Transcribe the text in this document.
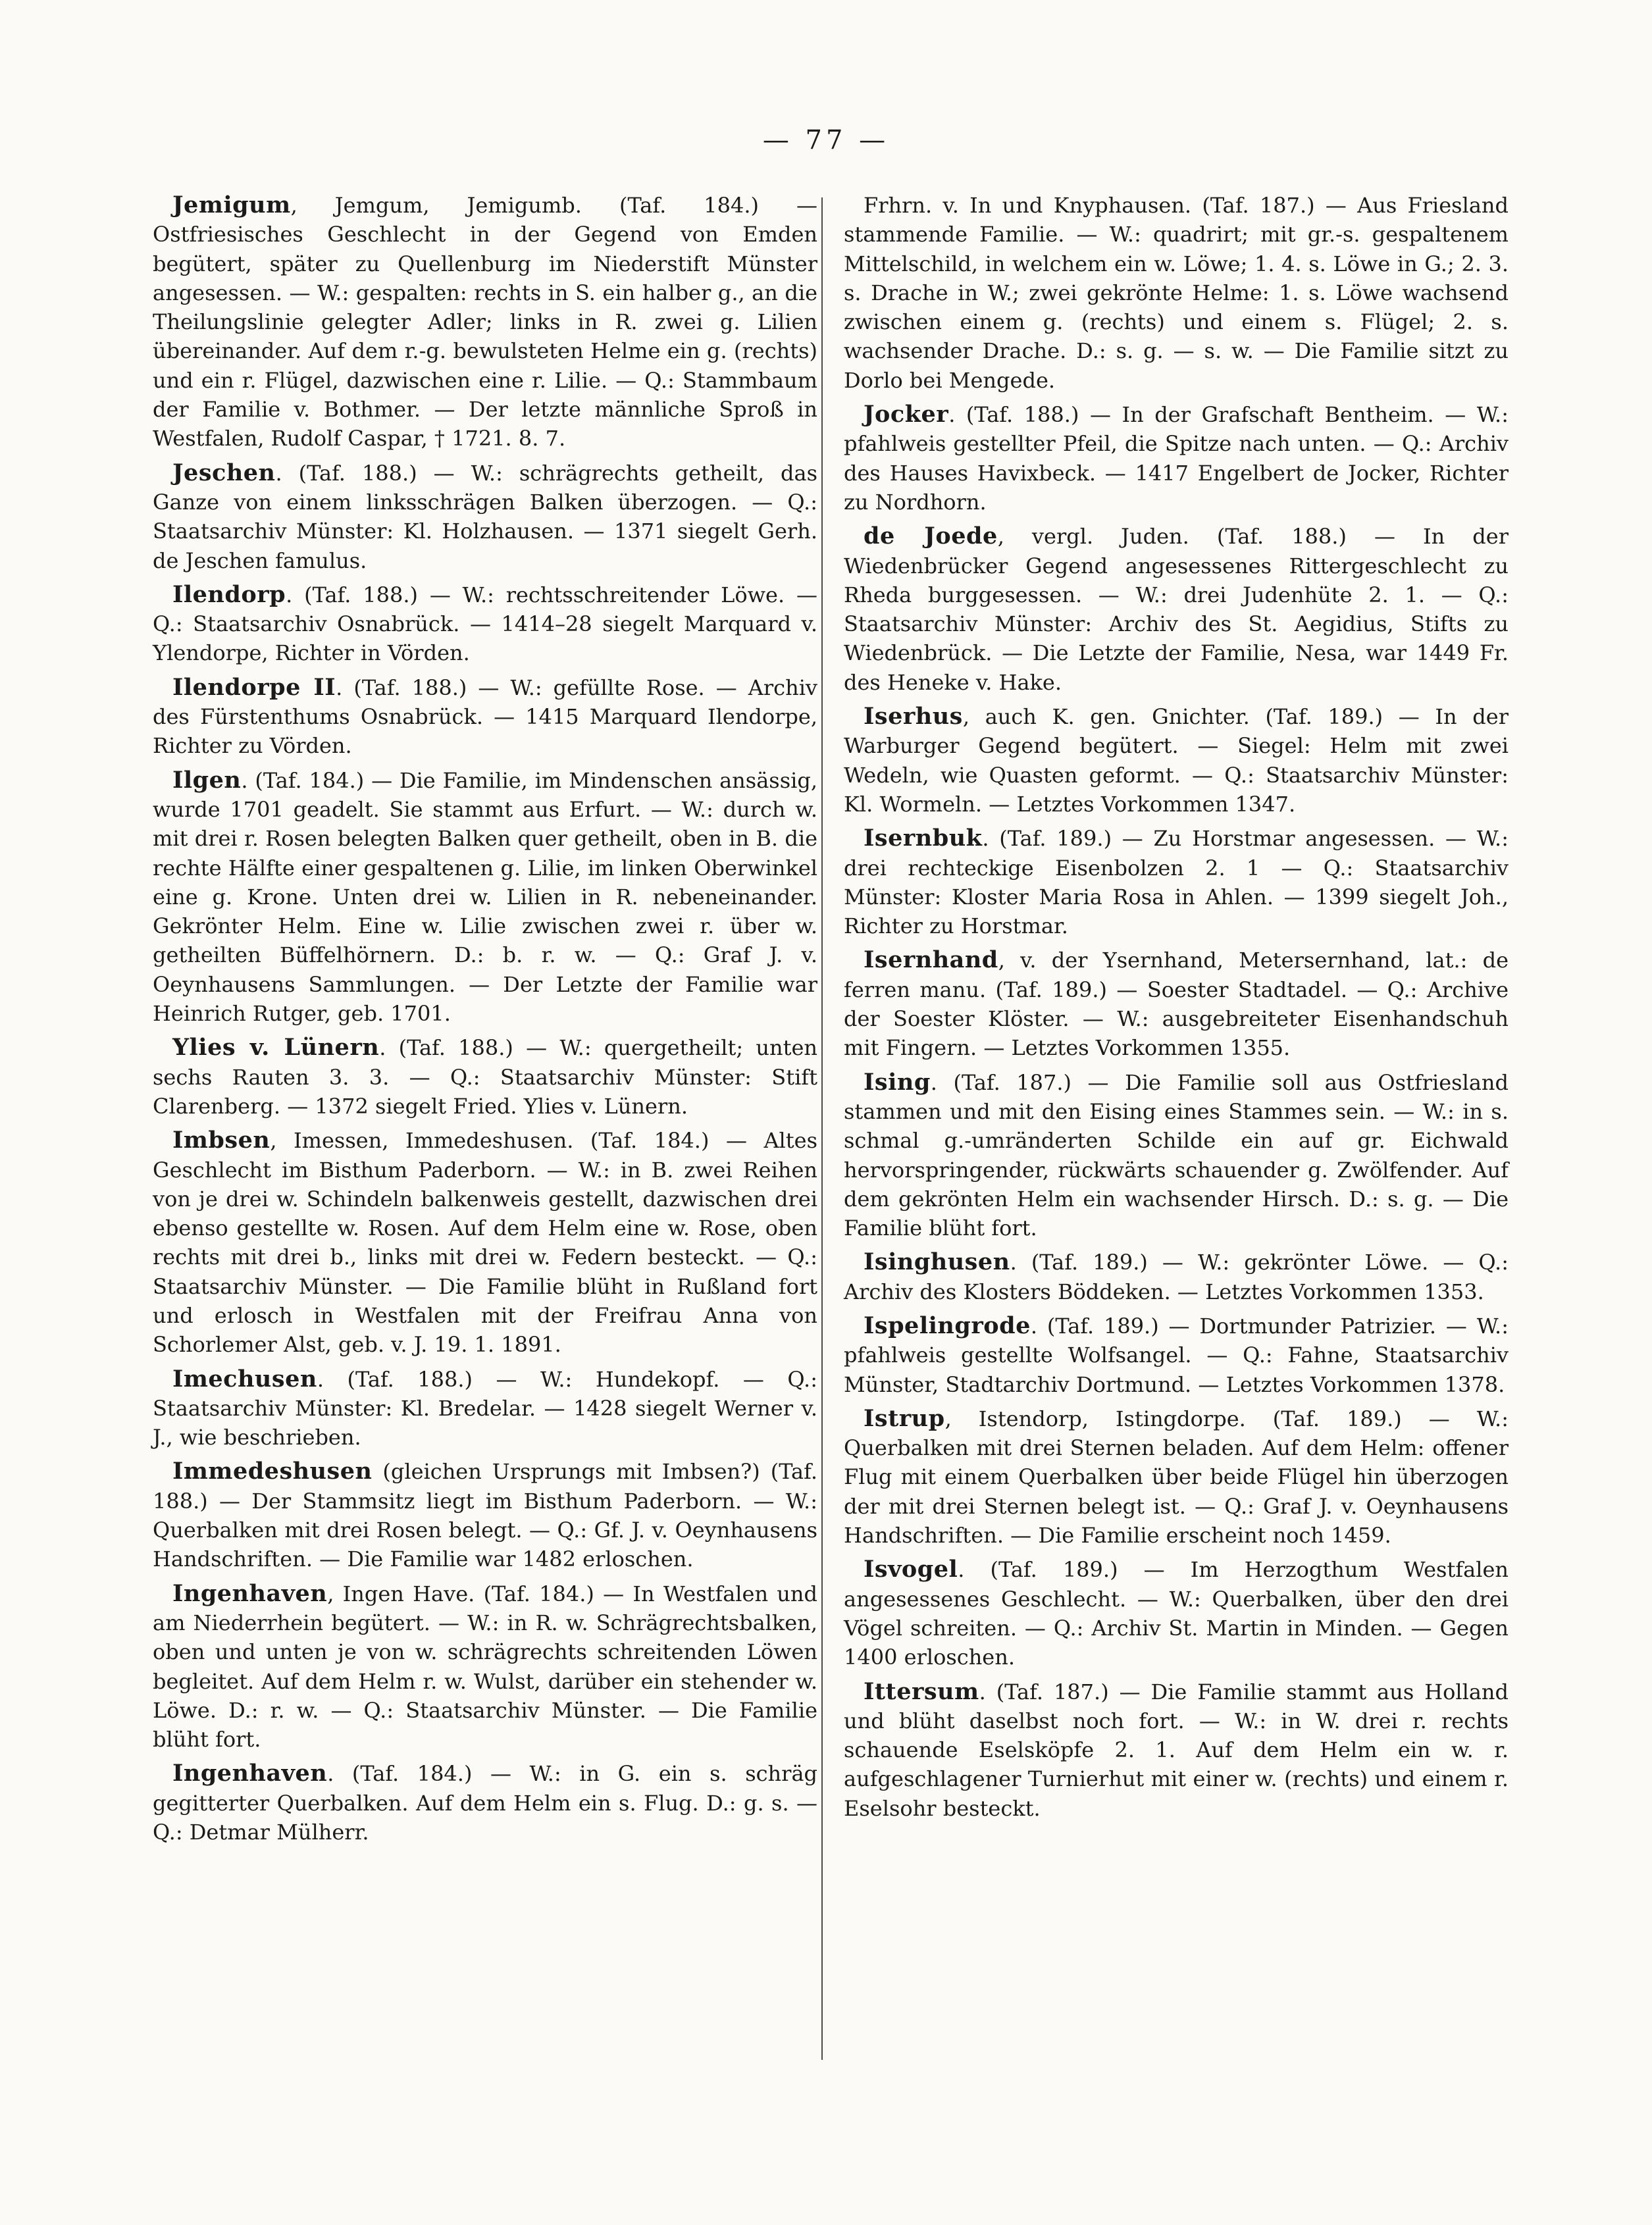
— 77 —

Jemigum, Jemgum, Jemigumb. (Taf. 184.) — Ostfriesisches Geschlecht in der Gegend von Emden begütert, später zu Quellenburg im Niederstift Münster angesessen. — W.: gespalten: rechts in S. ein halber g., an die Theilungslinie gelegter Adler; links in R. zwei g. Lilien übereinander. Auf dem r.-g. bewulsteten Helme ein g. (rechts) und ein r. Flügel, dazwischen eine r. Lilie. — Q.: Stammbaum der Familie v. Bothmer. — Der letzte männliche Sproß in Westfalen, Rudolf Caspar, † 1721. 8. 7.

Jeschen. (Taf. 188.) — W.: schrägrechts getheilt, das Ganze von einem linksschrägen Balken überzogen. — Q.: Staatsarchiv Münster: Kl. Holzhausen. — 1371 siegelt Gerh. de Jeschen famulus.

Ilendorp. (Taf. 188.) — W.: rechtsschreitender Löwe. — Q.: Staatsarchiv Osnabrück. — 1414–28 siegelt Marquard v. Ylendorpe, Richter in Vörden.

Ilendorpe II. (Taf. 188.) — W.: gefüllte Rose. — Archiv des Fürstenthums Osnabrück. — 1415 Marquard Ilendorpe, Richter zu Vörden.

Ilgen. (Taf. 184.) — Die Familie, im Mindenschen ansässig, wurde 1701 geadelt. Sie stammt aus Erfurt. — W.: durch w. mit drei r. Rosen belegten Balken quer getheilt, oben in B. die rechte Hälfte einer gespaltenen g. Lilie, im linken Oberwinkel eine g. Krone. Unten drei w. Lilien in R. nebeneinander. Gekrönter Helm. Eine w. Lilie zwischen zwei r. über w. getheilten Büffelhörnern. D.: b. r. w. — Q.: Graf J. v. Oeynhausens Sammlungen. — Der Letzte der Familie war Heinrich Rutger, geb. 1701.

Ylies v. Lünern. (Taf. 188.) — W.: quergetheilt; unten sechs Rauten 3. 3. — Q.: Staatsarchiv Münster: Stift Clarenberg. — 1372 siegelt Fried. Ylies v. Lünern.

Imbsen, Imessen, Immedeshusen. (Taf. 184.) — Altes Geschlecht im Bisthum Paderborn. — W.: in B. zwei Reihen von je drei w. Schindeln balkenweis gestellt, dazwischen drei ebenso gestellte w. Rosen. Auf dem Helm eine w. Rose, oben rechts mit drei b., links mit drei w. Federn besteckt. — Q.: Staatsarchiv Münster. — Die Familie blüht in Rußland fort und erlosch in Westfalen mit der Freifrau Anna von Schorlemer Alst, geb. v. J. 19. 1. 1891.

Imechusen. (Taf. 188.) — W.: Hundekopf. — Q.: Staatsarchiv Münster: Kl. Bredelar. — 1428 siegelt Werner v. J., wie beschrieben.

Immedeshusen (gleichen Ursprungs mit Imbsen?) (Taf. 188.) — Der Stammsitz liegt im Bisthum Paderborn. — W.: Querbalken mit drei Rosen belegt. — Q.: Gf. J. v. Oeynhausens Handschriften. — Die Familie war 1482 erloschen.

Ingenhaven, Ingen Have. (Taf. 184.) — In Westfalen und am Niederrhein begütert. — W.: in R. w. Schrägrechtsbalken, oben und unten je von w. schrägrechts schreitenden Löwen begleitet. Auf dem Helm r. w. Wulst, darüber ein stehender w. Löwe. D.: r. w. — Q.: Staatsarchiv Münster. — Die Familie blüht fort.

Ingenhaven. (Taf. 184.) — W.: in G. ein s. schräg gegitterter Querbalken. Auf dem Helm ein s. Flug. D.: g. s. — Q.: Detmar Mülherr.

Frhrn. v. In und Knyphausen. (Taf. 187.) — Aus Friesland stammende Familie. — W.: quadrirt; mit gr.-s. gespaltenem Mittelschild, in welchem ein w. Löwe; 1. 4. s. Löwe in G.; 2. 3. s. Drache in W.; zwei gekrönte Helme: 1. s. Löwe wachsend zwischen einem g. (rechts) und einem s. Flügel; 2. s. wachsender Drache. D.: s. g. — s. w. — Die Familie sitzt zu Dorlo bei Mengede.

Jocker. (Taf. 188.) — In der Grafschaft Bentheim. — W.: pfahlweis gestellter Pfeil, die Spitze nach unten. — Q.: Archiv des Hauses Havixbeck. — 1417 Engelbert de Jocker, Richter zu Nordhorn.

de Joede, vergl. Juden. (Taf. 188.) — In der Wiedenbrücker Gegend angesessenes Rittergeschlecht zu Rheda burggesessen. — W.: drei Judenhüte 2. 1. — Q.: Staatsarchiv Münster: Archiv des St. Aegidius, Stifts zu Wiedenbrück. — Die Letzte der Familie, Nesa, war 1449 Fr. des Heneke v. Hake.

Iserhus, auch K. gen. Gnichter. (Taf. 189.) — In der Warburger Gegend begütert. — Siegel: Helm mit zwei Wedeln, wie Quasten geformt. — Q.: Staatsarchiv Münster: Kl. Wormeln. — Letztes Vorkommen 1347.

Isernbuk. (Taf. 189.) — Zu Horstmar angesessen. — W.: drei rechteckige Eisenbolzen 2. 1 — Q.: Staatsarchiv Münster: Kloster Maria Rosa in Ahlen. — 1399 siegelt Joh., Richter zu Horstmar.

Isernhand, v. der Ysernhand, Metersernhand, lat.: de ferren manu. (Taf. 189.) — Soester Stadtadel. — Q.: Archive der Soester Klöster. — W.: ausgebreiteter Eisenhandschuh mit Fingern. — Letztes Vorkommen 1355.

Ising. (Taf. 187.) — Die Familie soll aus Ostfriesland stammen und mit den Eising eines Stammes sein. — W.: in s. schmal g.-umränderten Schilde ein auf gr. Eichwald hervorspringender, rückwärts schauender g. Zwölfender. Auf dem gekrönten Helm ein wachsender Hirsch. D.: s. g. — Die Familie blüht fort.

Isinghusen. (Taf. 189.) — W.: gekrönter Löwe. — Q.: Archiv des Klosters Böddeken. — Letztes Vorkommen 1353.

Ispelingrode. (Taf. 189.) — Dortmunder Patrizier. — W.: pfahlweis gestellte Wolfsangel. — Q.: Fahne, Staatsarchiv Münster, Stadtarchiv Dortmund. — Letztes Vorkommen 1378.

Istrup, Istendorp, Istingdorpe. (Taf. 189.) — W.: Querbalken mit drei Sternen beladen. Auf dem Helm: offener Flug mit einem Querbalken über beide Flügel hin überzogen der mit drei Sternen belegt ist. — Q.: Graf J. v. Oeynhausens Handschriften. — Die Familie erscheint noch 1459.

Isvogel. (Taf. 189.) — Im Herzogthum Westfalen angesessenes Geschlecht. — W.: Querbalken, über den drei Vögel schreiten. — Q.: Archiv St. Martin in Minden. — Gegen 1400 erloschen.

Ittersum. (Taf. 187.) — Die Familie stammt aus Holland und blüht daselbst noch fort. — W.: in W. drei r. rechts schauende Eselsköpfe 2. 1. Auf dem Helm ein w. r. aufgeschlagener Turnierhut mit einer w. (rechts) und einem r. Eselsohr besteckt.
